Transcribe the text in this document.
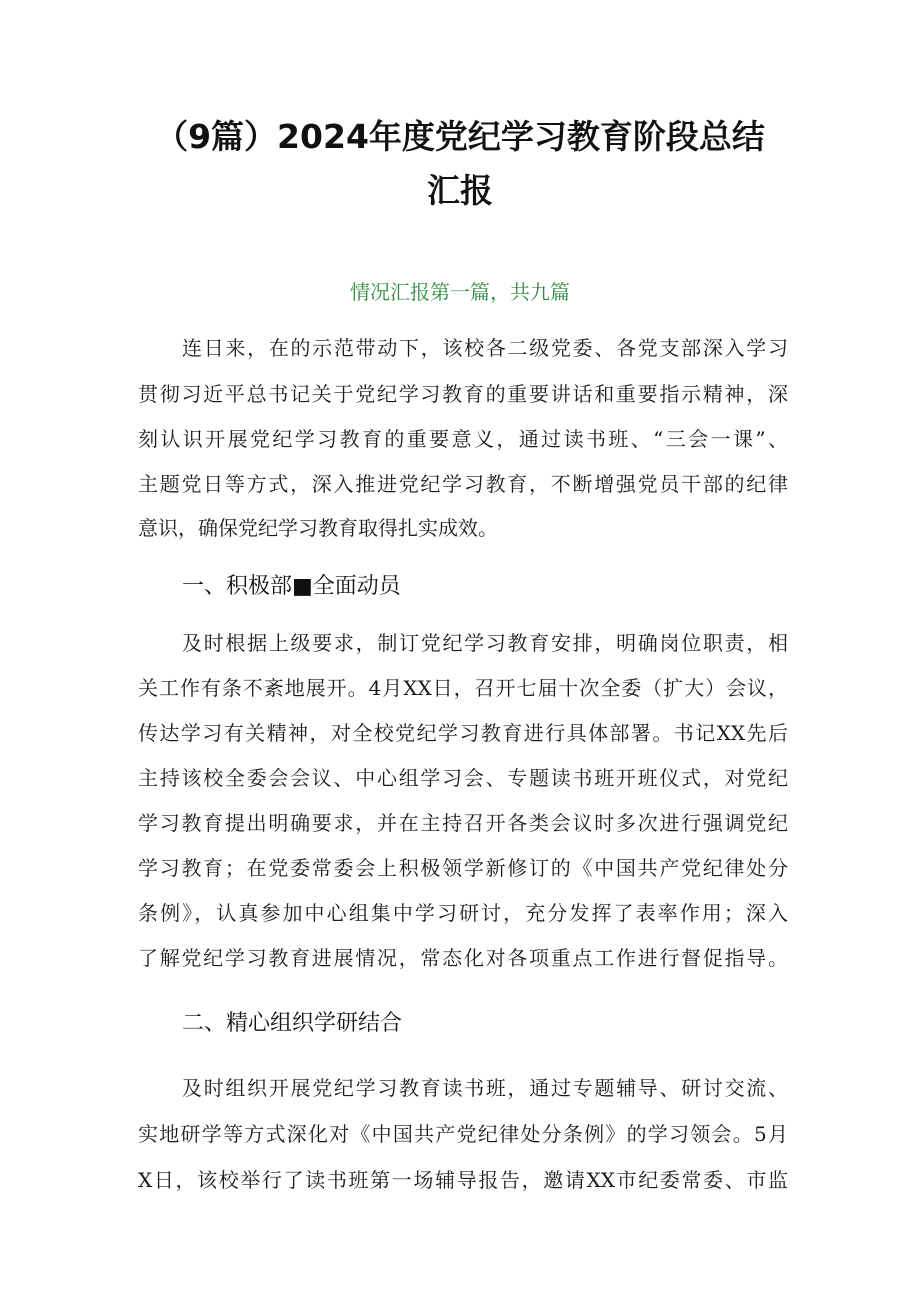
（9篇）2024年度党纪学习教育阶段总结
汇报
情况汇报第一篇，共九篇
连日来，在的示范带动下，该校各二级党委、各党支部深入学习
贯彻习近平总书记关于党纪学习教育的重要讲话和重要指示精神，深
刻认识开展党纪学习教育的重要意义，通过读书班、“三会一课”、
主题党日等方式，深入推进党纪学习教育，不断增强党员干部的纪律
意识，确保党纪学习教育取得扎实成效。
一、积极部■全面动员
及时根据上级要求，制订党纪学习教育安排，明确岗位职责，相
关工作有条不紊地展开。4月XX日，召开七届十次全委（扩大）会议，
传达学习有关精神，对全校党纪学习教育进行具体部署。书记XX先后
主持该校全委会会议、中心组学习会、专题读书班开班仪式，对党纪
学习教育提出明确要求，并在主持召开各类会议时多次进行强调党纪
学习教育；在党委常委会上积极领学新修订的《中国共产党纪律处分
条例》，认真参加中心组集中学习研讨，充分发挥了表率作用；深入
了解党纪学习教育进展情况，常态化对各项重点工作进行督促指导。
二、精心组织学研结合
及时组织开展党纪学习教育读书班，通过专题辅导、研讨交流、
实地研学等方式深化对《中国共产党纪律处分条例》的学习领会。5月
X日，该校举行了读书班第一场辅导报告，邀请XX市纪委常委、市监
